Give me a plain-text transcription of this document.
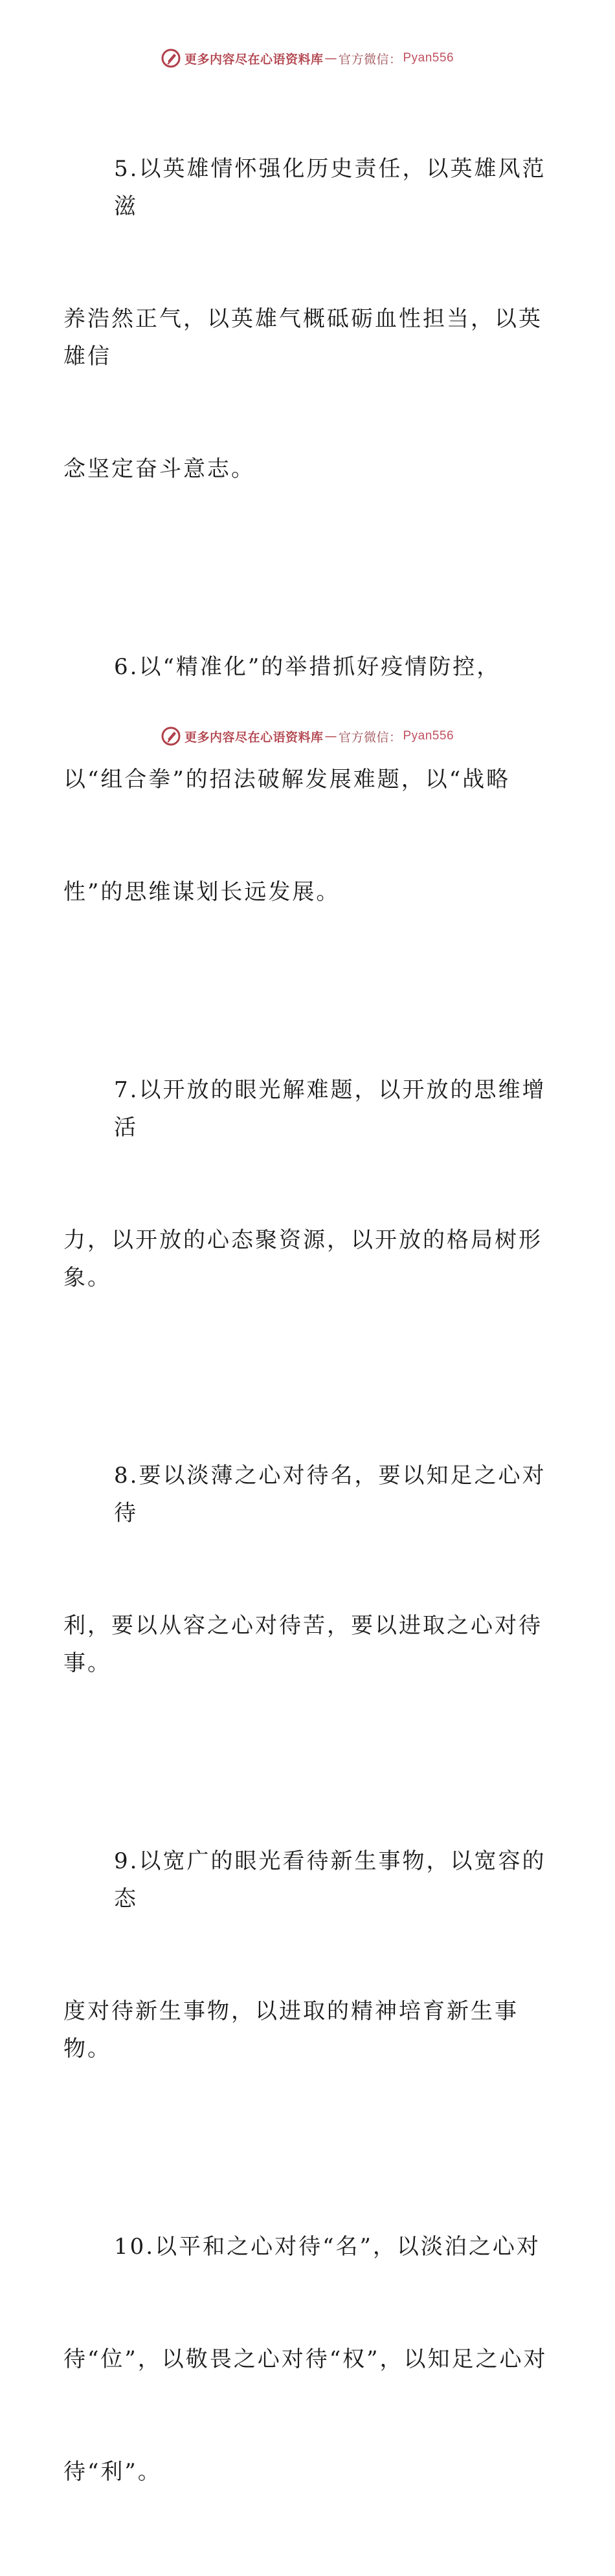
更多内容尽在心语资料库 — 官方微信： Pyan556

5.以英雄情怀强化历史责任，以英雄风范滋

养浩然正气，以英雄气概砥砺血性担当，以英雄信

念坚定奋斗意志。

6.以“精准化”的举措抓好疫情防控，

以“组合拳”的招法破解发展难题，以“战略

性”的思维谋划长远发展。

7.以开放的眼光解难题，以开放的思维增活

力，以开放的心态聚资源，以开放的格局树形象。

8.要以淡薄之心对待名，要以知足之心对待

利，要以从容之心对待苦，要以进取之心对待事。

9.以宽广的眼光看待新生事物，以宽容的态

度对待新生事物，以进取的精神培育新生事物。

10.以平和之心对待“名”，以淡泊之心对

待“位”，以敬畏之心对待“权”，以知足之心对

待“利”。

更多内容尽在心语资料库 — 官方微信： Pyan556
